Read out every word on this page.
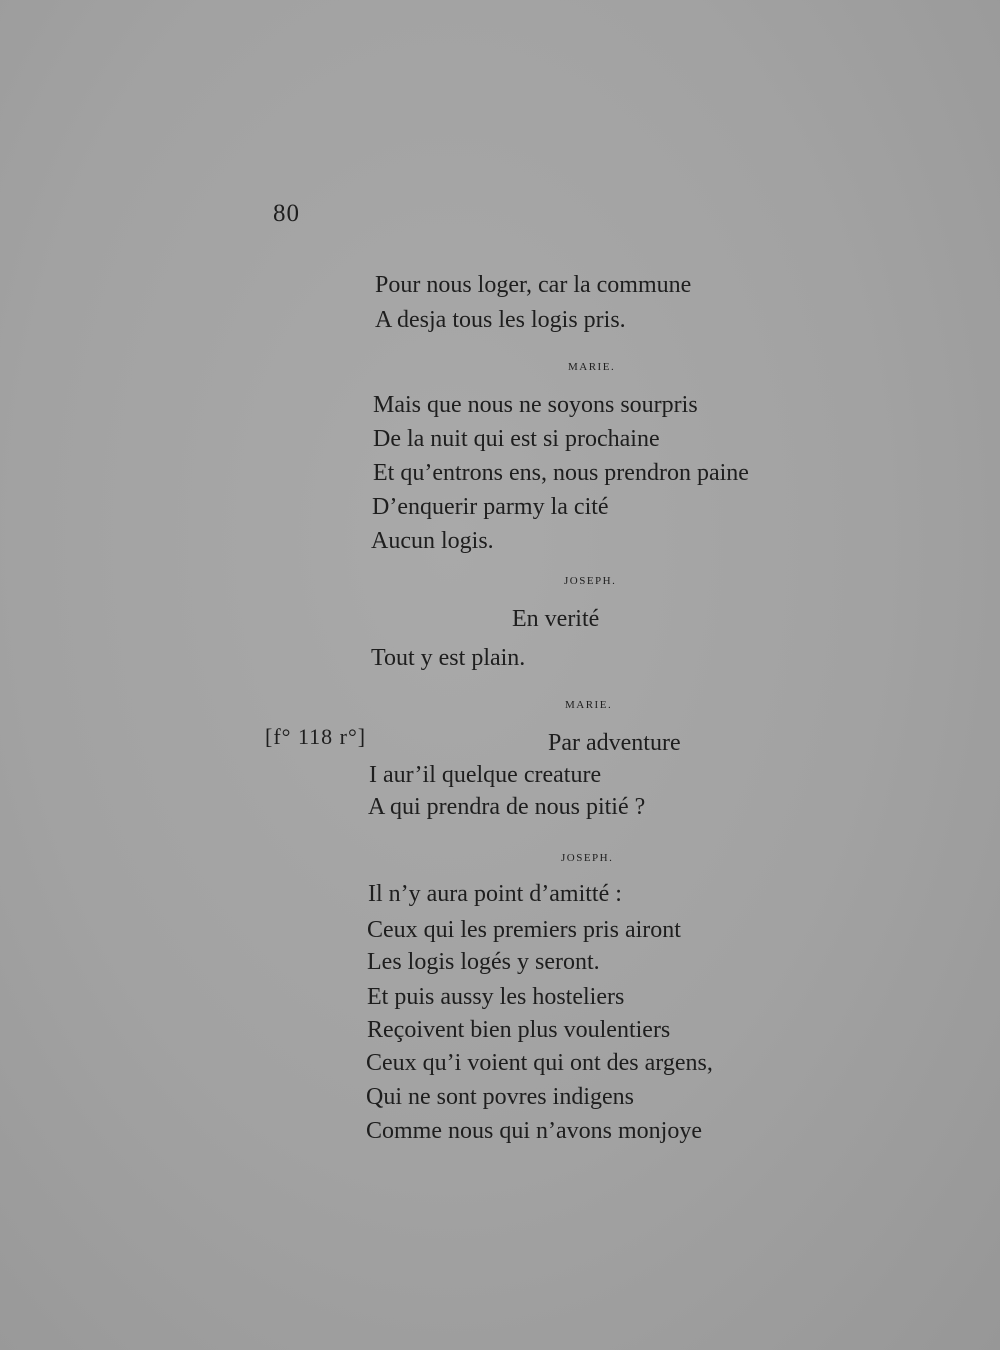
80
Pour nous loger, car la commune
A desja tous les logis pris.
MARIE.
Mais que nous ne soyons sourpris
De la nuit qui est si prochaine
Et qu’entrons ens, nous prendron paine
D’enquerir parmy la cité
Aucun logis.
JOSEPH.
En verité
Tout y est plain.
MARIE.
[f° 118 r°]	Par adventure
I aur’il quelque creature
A qui prendra de nous pitié ?
JOSEPH.
Il n’y aura point d’amitté :
Ceux qui les premiers pris airont
Les logis logés y seront.
Et puis aussy les hosteliers
Reçoivent bien plus voulentiers
Ceux qu’i voient qui ont des argens,
Qui ne sont povres indigens
Comme nous qui n’avons monjoye
